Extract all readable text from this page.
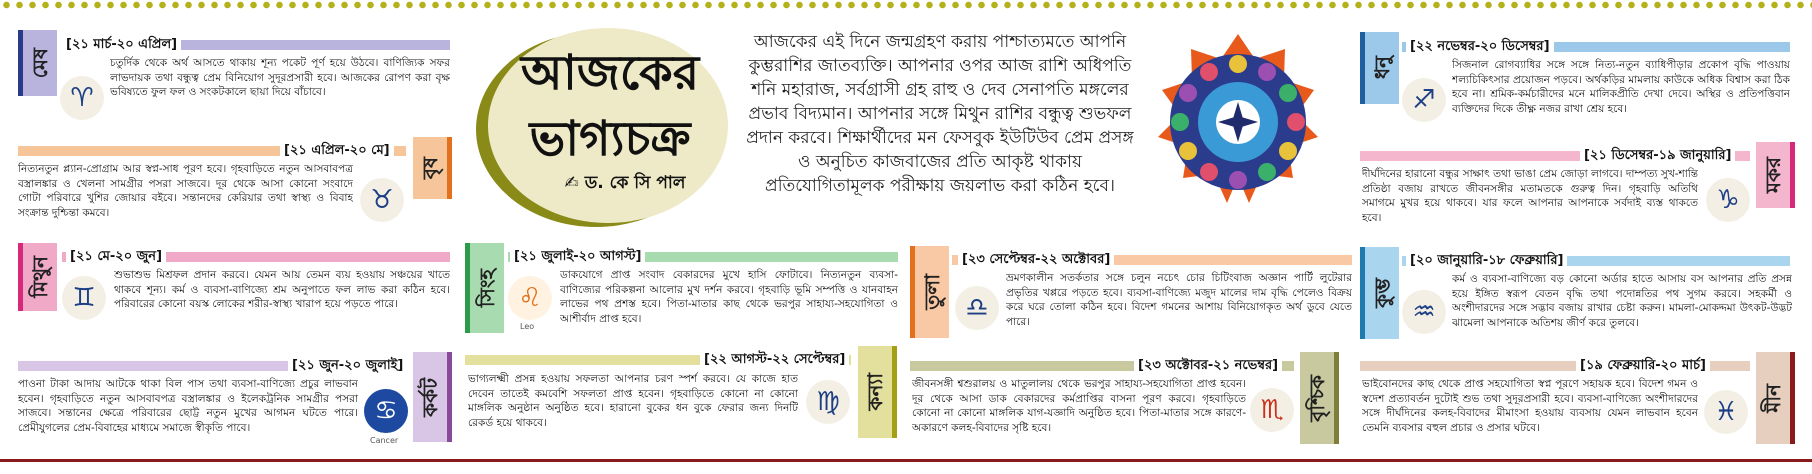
আজকের
ভাগ্যচক্র
✍ ড. কে সি পাল
আজকের এই দিনে জন্মগ্রহণ করায় পাশ্চাত্যমতে আপনি কুম্ভরাশির জাতব্যক্তি। আপনার ওপর আজ রাশি অধিপতি শনি মহারাজ, সর্বগ্রাসী গ্রহ রাহু ও দেব সেনাপতি মঙ্গলের প্রভাব বিদ্যমান। আপনার সঙ্গে মিথুন রাশির বন্ধুত্ব শুভফল প্রদান করবে। শিক্ষার্থীদের মন ফেসবুক ইউটিউব প্রেম প্রসঙ্গ ও অনুচিত কাজবাজের প্রতি আকৃষ্ট থাকায় প্রতিযোগিতামূলক পরীক্ষায় জয়লাভ করা কঠিন হবে।
মেষ
[২১ মার্চ-২০ এপ্রিল]
♈
চতুর্দিক থেকে অর্থ আসতে থাকায় শূন্য পকেট পূর্ণ হয়ে উঠবে। বাণিজ্যিক সফর লাভদায়ক তথা বন্ধুত্ব প্রেম বিনিয়োগ সুদূরপ্রসারী হবে। আজকের রোপণ করা বৃক্ষ ভবিষ্যতে ফুল ফল ও সংকটকালে ছায়া দিয়ে বাঁচাবে।
বৃষ
[২১ এপ্রিল-২০ মে]
নিত্যনতুন প্ল্যান-প্রোগ্রাম আর স্বপ্ন-সাধ পূরণ হবে। গৃহবাড়িতে নতুন আসবাবপত্র বস্ত্রালঙ্কার ও খেলনা সামগ্রীর পসরা সাজবে। দূর থেকে আসা কোনো সংবাদে গোটা পরিবারে খুশির জোয়ার বইবে। সন্তানদের কেরিয়ার তথা স্বাস্থ্য ও বিবাহ সংক্রান্ত দুশ্চিন্তা কমবে।	♉
মিথুন	[২১ মে-২০ জুন]
♊
শুভাশুভ মিশ্রফল প্রদান করবে। যেমন আয় তেমন ব্যয় হওয়ায় সঞ্চয়ের খাতে থাকবে শূন্য। কর্ম ও ব্যবসা-বাণিজ্যে শ্রম অনুপাতে ফল লাভ করা কঠিন হবে। পরিবারের কোনো বয়স্ক লোকের শরীর-স্বাস্থ্য খারাপ হয়ে পড়তে পারে।
কর্কট
[২১ জুন-২০ জুলাই]
পাওনা টাকা আদায় আটকে থাকা বিল পাস তথা ব্যবসা-বাণিজ্যে প্রচুর লাভবান হবেন। গৃহবাড়িতে নতুন আসবাবপত্র বস্ত্রালঙ্কার ও ইলেকট্রনিক সামগ্রীর পসরা সাজবে। সন্তানের ক্ষেত্রে পরিবারের ছোট্ট নতুন মুখের আগমন ঘটতে পারে। প্রেমীযুগলের প্রেম-বিবাহের মাধ্যমে সমাজে স্বীকৃতি পাবে।
♋
Cancer
সিংহ
[২১ জুলাই-২০ আগস্ট]
♌
Leo
ডাকযোগে প্রাপ্ত সংবাদ বেকারদের মুখে হাসি ফোটাবে। নিত্যনতুন ব্যবসা-বাণিজ্যের পরিকল্পনা আলোর মুখ দর্শন করবে। গৃহবাড়ি ভূমি সম্পত্তি ও যানবাহন লাভের পথ প্রশস্ত হবে। পিতা-মাতার কাছ থেকে ভরপুর সাহায্য-সহযোগিতা ও আশীর্বাদ প্রাপ্ত হবে।
কন্যা
[২২ আগস্ট-২২ সেপ্টেম্বর]
ভাগ্যলক্ষ্মী প্রসন্ন হওয়ায় সফলতা আপনার চরণ স্পর্শ করবে। যে কাজে হাত দেবেন তাতেই কমবেশি সফলতা প্রাপ্ত হবেন। গৃহবাড়িতে কোনো না কোনো মাঙ্গলিক অনুষ্ঠান অনুষ্ঠিত হবে। হারানো বুকের ধন বুকে ফেরার জন্য দিনটি রেকর্ড হয়ে থাকবে।
♍
তুলা
[২৩ সেপ্টেম্বর-২২ অক্টোবর]
♎
ভ্রমণকালীন সতর্কতার সঙ্গে চলুন নচেৎ চোর চিটিংবাজ অজ্ঞান পার্টি লুটেরার প্রভৃতির খপ্পরে পড়তে হবে। ব্যবসা-বাণিজ্যে মজুদ মালের দাম বৃদ্ধি পেলেও বিক্রয় করে ঘরে তোলা কঠিন হবে। বিদেশ গমনের আশায় বিনিয়োগকৃত অর্থ ডুবে যেতে পারে।
বৃশ্চিক
[২৩ অক্টোবর-২১ নভেম্বর]
জীবনসঙ্গী শ্বশুরালয় ও মাতুলালয় থেকে ভরপুর সাহায্য-সহযোগিতা প্রাপ্ত হবেন। দূর থেকে আসা ডাক বেকারদের কর্মপ্রাপ্তির বাসনা পূরণ করবে। গৃহবাড়িতে কোনো না কোনো মাঙ্গলিক যাগ-যজ্ঞাদি অনুষ্ঠিত হবে। পিতা-মাতার সঙ্গে কারণে-অকারণে কলহ-বিবাদের সৃষ্টি হবে।
♏
ধনু
[২২ নভেম্বর-২০ ডিসেম্বর]
♐
সিজনাল রোগব্যাধির সঙ্গে সঙ্গে নিত্য-নতুন ব্যাধিপীড়ার প্রকোপ বৃদ্ধি পাওয়ায় শল্যচিকিৎসার প্রয়োজন পড়বে। অর্থকড়ির মামলায় কাউকে অধিক বিশ্বাস করা ঠিক হবে না। শ্রমিক-কর্মচারীদের মনে মালিকপ্রীতি দেখা দেবে। অস্থির ও প্রতিপত্তিবান ব্যক্তিদের দিকে তীক্ষ্ণ নজর রাখা শ্রেয় হবে।
মকর
[২১ ডিসেম্বর-১৯ জানুয়ারি]
দীর্ঘদিনের হারানো বন্ধুর সাক্ষাৎ তথা ভাঙা প্রেম জোড়া লাগবে। দাম্পত্য সুখ-শান্তি প্রতিষ্ঠা বজায় রাখতে জীবনসঙ্গীর মতামতকে গুরুত্ব দিন। গৃহবাড়ি অতিথি সমাগমে মুখর হয়ে থাকবে। যার ফলে আপনার আপনাকে সর্বদাই ব্যস্ত থাকতে হবে।
♑
কুম্ভ
[২০ জানুয়ারি-১৮ ফেব্রুয়ারি]
♒
কর্ম ও ব্যবসা-বাণিজ্যে বড় কোনো অর্ডার হাতে আসায় বস আপনার প্রতি প্রসন্ন হয়ে ইঙ্গিত স্বরূপ বেতন বৃদ্ধি তথা পদোন্নতির পথ সুগম করবে। সহকর্মী ও অংশীদারদের সঙ্গে সদ্ভাব বজায় রাখার চেষ্টা করুন। মামলা-মোকদ্দমা উৎকট-উদ্ভট ঝামেলা আপনাকে অতিশয় জীর্ণ করে তুলবে।
মীন
[১৯ ফেব্রুয়ারি-২০ মার্চ]
ভাইবোনদের কাছ থেকে প্রাপ্ত সহযোগিতা স্বপ্ন পূরণে সহায়ক হবে। বিদেশ গমন ও স্বদেশ প্রত্যাবর্তন দুটোই শুভ তথা সুদূরপ্রসারী হবে। ব্যবসা-বাণিজ্যে অংশীদারদের সঙ্গে দীর্ঘদিনের কলহ-বিবাদের মীমাংসা হওয়ায় ব্যবসায় যেমন লাভবান হবেন তেমনি ব্যবসার বহুল প্রচার ও প্রসার ঘটবে।
♓
